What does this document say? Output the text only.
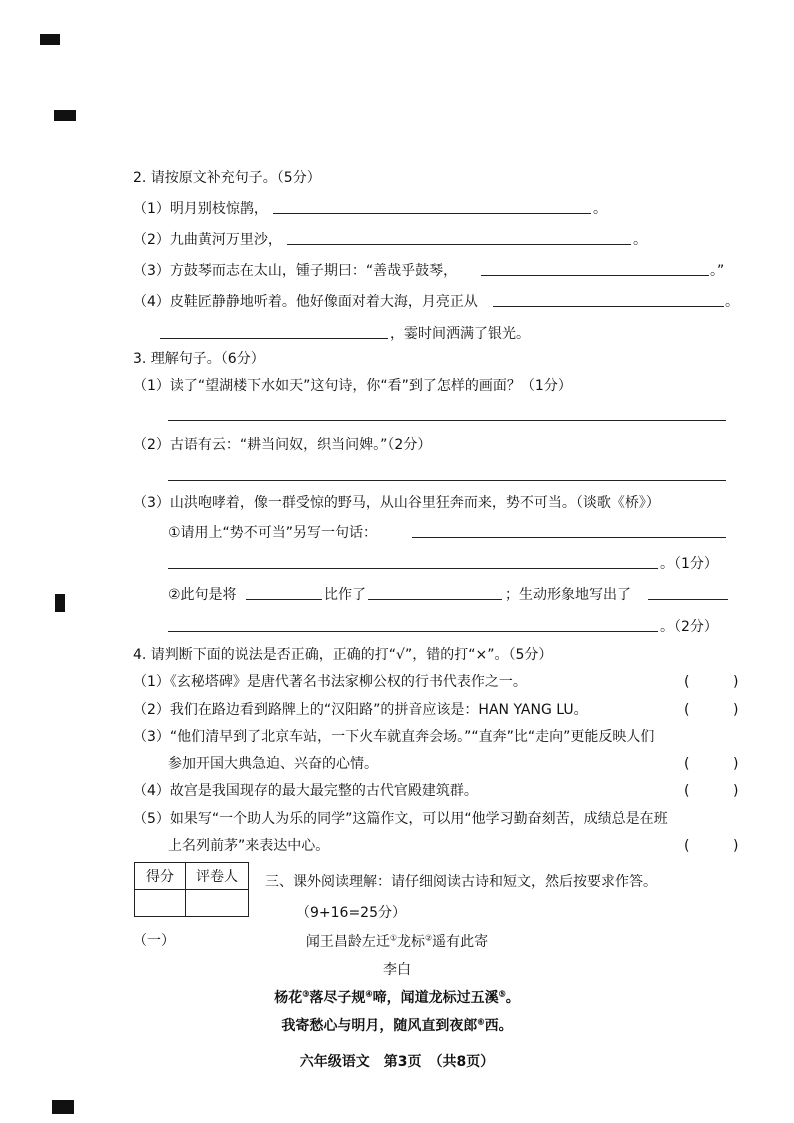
2. 请按原文补充句子。（5分）
（1）明月别枝惊鹊，	。
（2）九曲黄河万里沙，	。
（3）方鼓琴而志在太山，锺子期曰：“善哉乎鼓琴，	。”
（4）皮鞋匠静静地听着。他好像面对着大海，月亮正从	。
，霎时间洒满了银光。
3. 理解句子。（6分）
（1）读了“望湖楼下水如天”这句诗，你“看”到了怎样的画面？（1分）
（2）古语有云：“耕当问奴，织当问婢。”（2分）
（3）山洪咆哮着，像一群受惊的野马，从山谷里狂奔而来，势不可当。（谈歌《桥》）
①请用上“势不可当”另写一句话：
。（1分）
②此句是将	比作了	；生动形象地写出了
。（2分）
4. 请判断下面的说法是否正确，正确的打“√”，错的打“×”。（5分）
（1）《玄秘塔碑》是唐代著名书法家柳公权的行书代表作之一。	(	)
（2）我们在路边看到路牌上的“汉阳路”的拼音应该是：HAN YANG LU。	(	)
（3）“他们清早到了北京车站，一下火车就直奔会场。”“直奔”比“走向”更能反映人们
参加开国大典急迫、兴奋的心情。	(	)
（4）故宫是我国现存的最大最完整的古代官殿建筑群。	(	)
（5）如果写“一个助人为乐的同学”这篇作文，可以用“他学习勤奋刻苦，成绩总是在班
上名列前茅”来表达中心。	(	)
得分	评卷人
	三、课外阅读理解：请仔细阅读古诗和短文，然后按要求作答。
（9+16=25分）
（一）	闻王昌龄左迁①龙标②遥有此寄
李白
杨花③落尽子规④啼，闻道龙标过五溪⑤。
我寄愁心与明月，随风直到夜郎⑥西。
六年级语文　第3页　（共8页）
